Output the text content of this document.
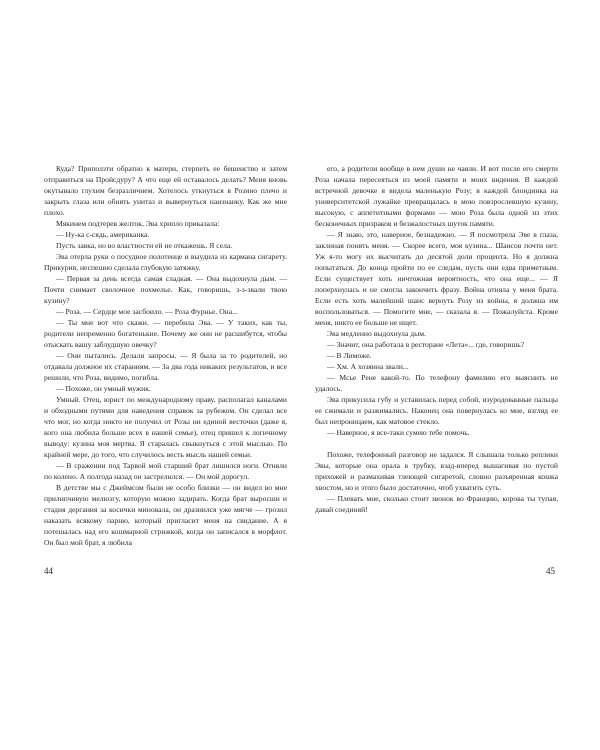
Куда? Приползти обратно к матери, стерпеть ее бешенство и затем отправиться на Пройсдуру? А что еще ей оставалось делать? Меня вновь окутывало глухим безразличием. Хотелось уткнуться в Розино плечо и закрыть глаза или обнять унитаз и вывернуться наизнанку. Как же мне плохо.

Мякинем подтерев желток, Эва хрипло приказала:

— Ну-ка с-сядь, американка.

Пусть завка, но во властности ей не откажешь. Я села.

Эва отерла руки о посудное полотенце и выудила из кармана сигарету. Прикурив, неспешно сделала глубокую затяжку.

— Первая за день всегда самая сладкая. — Она выдохнула дым. — Почти снимает сволочное похмелье. Как, говоришь, з-з-звали твою кузину?

— Роза. — Сердце мое засбоило. — Роза Фурнье. Она...

— Ты мне вот что скажи. — перебила Эва. — У таких, как ты, родители непременно богатенькие. Почему же они не расшибутся, чтобы отыскать вашу заблудшую овечку?

— Они пытались. Делали запросы. — Я была за то родителей, но отдавала должное их стараниям. — За два года никаких результатов, и все решили, что Роза, видимо, погибла.

— Похоже, он умный мужик.

Умный. Отец, юрист по международному праву, располагал каналами и обходными путями для наведения справок за рубежом. Он сделал все что мог, но когда никто не получил от Розы ни единой весточки (даже я, кого она любила больше всех в нашей семье), отец пришел к логичному выводу: кузина моя мертва. Я старалась свыкнуться с этой мыслью. По крайней мере, до того, что случилось весть мысль нашей семьи.

— В сражении под Тарвой мой старший брат лишился ноги. Отняли по колено. А полгода назад он застрелился. — Он мой дорогул.

В детстве мы с Джеймсом были не особо близки — он видел во мне прилипчивую мелюзгу, которую можно задирать. Когда брат выросши и стадия дергания за косички миновала, он дразнился уже мягче — грозил наказать всякому парню, который пригласит меня на свидание. А я потешалась над его кошмарной стрижкой, когда он записался в морфлот. Он был мой брат, я любила

44

его, а родители вообще в нем души не чаяли. И вот после его смерти Роза начала пересеяться из моей памяти и моих видения. В каждой встречной девочке я видела маленькую Розу; в каждой блондинка на университетской лужайке превращалась в мою повзрослевшую кузину, высокую, с аппетитными формами — мою Роза была одной из этих бесконечных призраков и безжалостных шуток памяти.

— Я знаю, это, наверное, безнадежно. — Я посмотрела Эве в глаза, заклиная понять меня. — Скорее всего, моя кузина... Шансов почти нет. Уж я-то могу их высчитать до десятой доли процента. Но я должна попытаться. До конца пройти по ее следам, пусть они едва приметным. Если существует хоть ничтожная вероятность, что она еще... — Я поперхнулась и не смогла закончить фразу. Война отняла у меня брата. Если есть хоть малейший шанс вернуть Розу из войны, я должна им воспользоваться. — Помогите мне, — сказала я. — Пожалуйста. Кроме меня, никто ее больше не ищет.

Эва медленно выдохнула дым.

— Значит, она работала в ресторане «Лета»... где, говоришь?

— В Лиможе.

— Хм. А хозяина звали...

— Мсье Рене какой-то. По телефону фамилию его выяснить не удалось.

Эва прикусила губу и уставилась перед собой, изуродованные пальцы ее сжимали и разжимались. Наконец она повернулась ко мне, взгляд ее был непроницаем, как матовое стекло.

— Наверное, я все-таки сумею тебе помочь.

Похоже, телефонный разговор не задался. Я слышала только реплики Эвы, которые она орала в трубку, взад-вперед вышагивая по пустой прихожей и размахивая тлеющей сигаретой, словно разъяренная кошка хвостом, но и этого было достаточно, чтоб ухватить суть.

— Плевать мне, сколько стоит звонок во Францию, корова ты тупая, давай соединяй!

45
